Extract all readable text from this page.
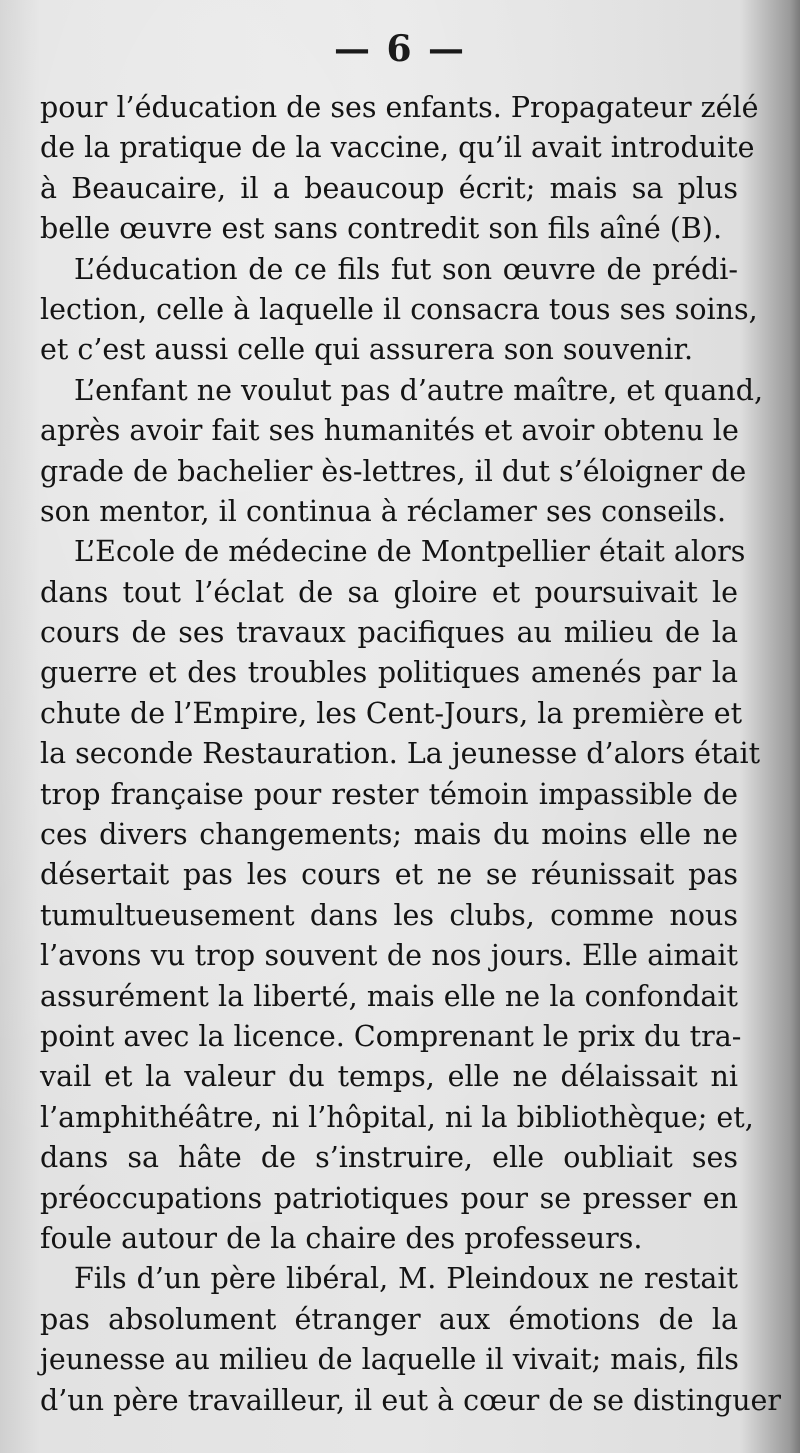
— 6 —
pour l’éducation de ses enfants. Propagateur zélé
de la pratique de la vaccine, qu’il avait introduite
à Beaucaire, il a beaucoup écrit; mais sa plus
belle œuvre est sans contredit son fils aîné (B).
L’éducation de ce fils fut son œuvre de prédi-
lection, celle à laquelle il consacra tous ses soins,
et c’est aussi celle qui assurera son souvenir.
L’enfant ne voulut pas d’autre maître, et quand,
après avoir fait ses humanités et avoir obtenu le
grade de bachelier ès-lettres, il dut s’éloigner de
son mentor, il continua à réclamer ses conseils.
L’Ecole de médecine de Montpellier était alors
dans tout l’éclat de sa gloire et poursuivait le
cours de ses travaux pacifiques au milieu de la
guerre et des troubles politiques amenés par la
chute de l’Empire, les Cent-Jours, la première et
la seconde Restauration. La jeunesse d’alors était
trop française pour rester témoin impassible de
ces divers changements; mais du moins elle ne
désertait pas les cours et ne se réunissait pas
tumultueusement dans les clubs, comme nous
l’avons vu trop souvent de nos jours. Elle aimait
assurément la liberté, mais elle ne la confondait
point avec la licence. Comprenant le prix du tra-
vail et la valeur du temps, elle ne délaissait ni
l’amphithéâtre, ni l’hôpital, ni la bibliothèque; et,
dans sa hâte de s’instruire, elle oubliait ses
préoccupations patriotiques pour se presser en
foule autour de la chaire des professeurs.
Fils d’un père libéral, M. Pleindoux ne restait
pas absolument étranger aux émotions de la
jeunesse au milieu de laquelle il vivait; mais, fils
d’un père travailleur, il eut à cœur de se distinguer
